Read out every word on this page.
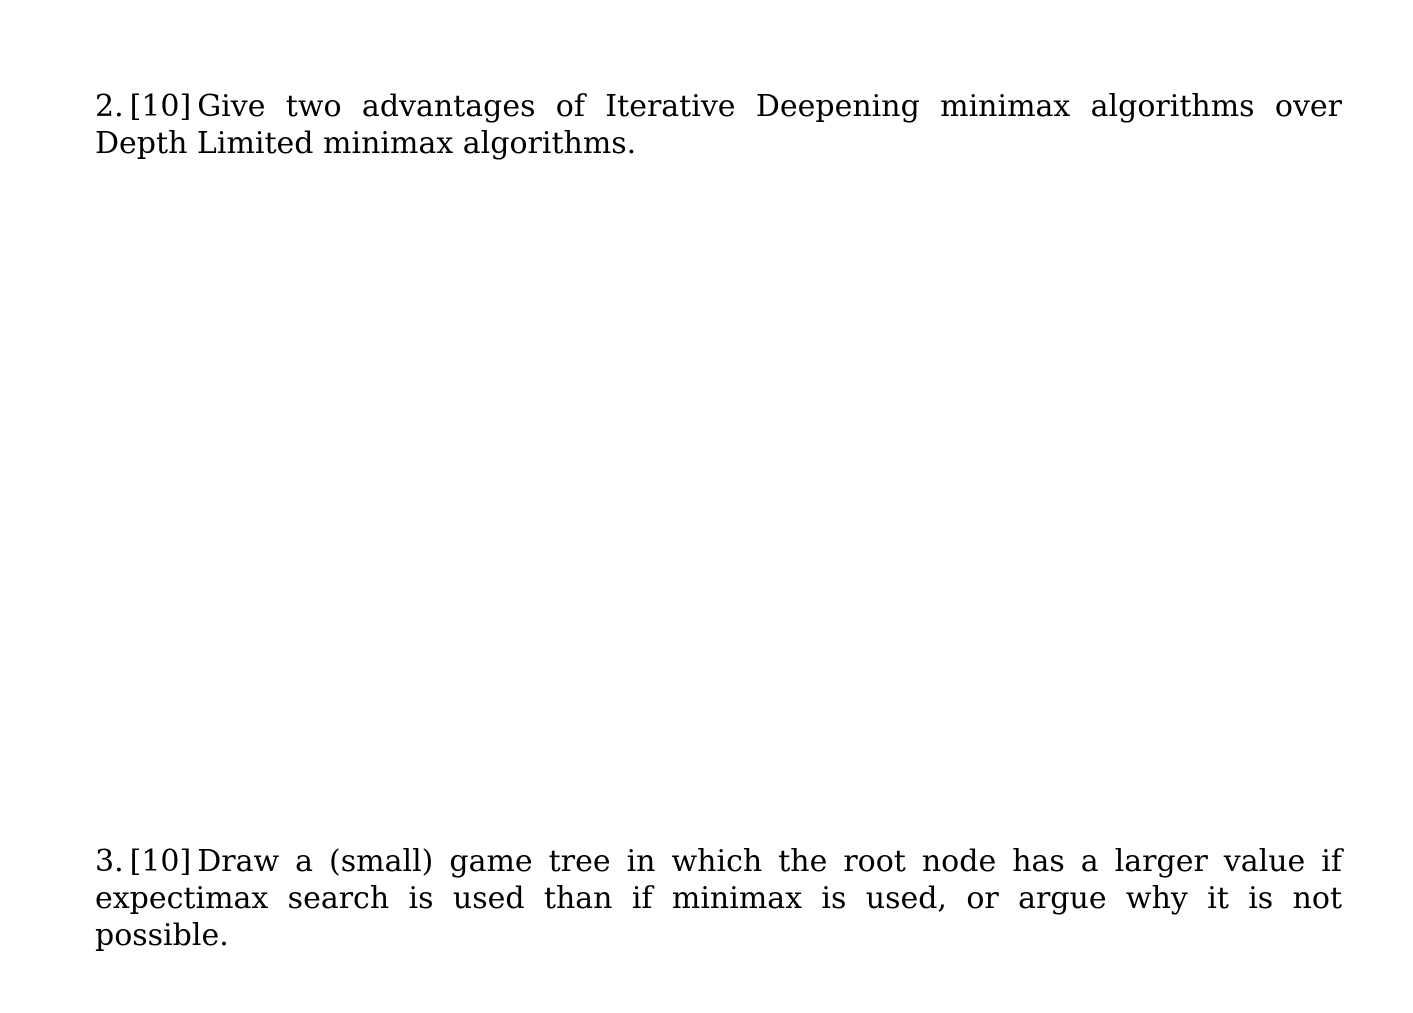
2. [10] Give two advantages of Iterative Deepening minimax algorithms over Depth Limited minimax algorithms.
3. [10] Draw a (small) game tree in which the root node has a larger value if expectimax search is used than if minimax is used, or argue why it is not possible.
